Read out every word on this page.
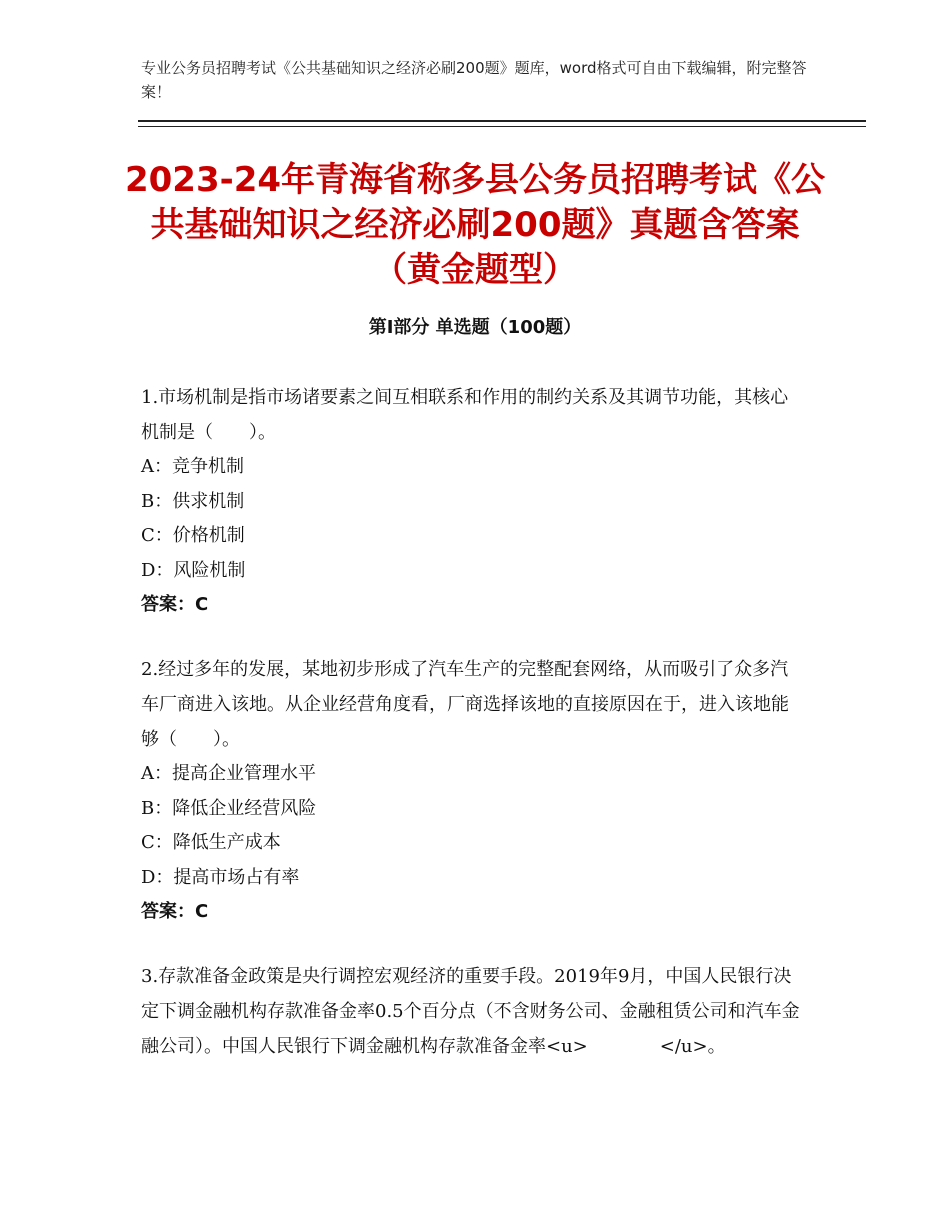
专业公务员招聘考试《公共基础知识之经济必刷200题》题库，word格式可自由下载编辑，附完整答案！
2023-24年青海省称多县公务员招聘考试《公共基础知识之经济必刷200题》真题含答案（黄金题型）
第Ⅰ部分 单选题（100题）

1.市场机制是指市场诸要素之间互相联系和作用的制约关系及其调节功能，其核心机制是（　　）。

A：竞争机制

B：供求机制

C：价格机制

D：风险机制

答案：C

2.经过多年的发展，某地初步形成了汽车生产的完整配套网络，从而吸引了众多汽车厂商进入该地。从企业经营角度看，厂商选择该地的直接原因在于，进入该地能够（　　）。

A：提高企业管理水平

B：降低企业经营风险

C：降低生产成本

D：提高市场占有率

答案：C

3.存款准备金政策是央行调控宏观经济的重要手段。2019年9月，中国人民银行决定下调金融机构存款准备金率0.5个百分点（不含财务公司、金融租赁公司和汽车金融公司）。中国人民银行下调金融机构存款准备金率<u>　　　　</u>。
